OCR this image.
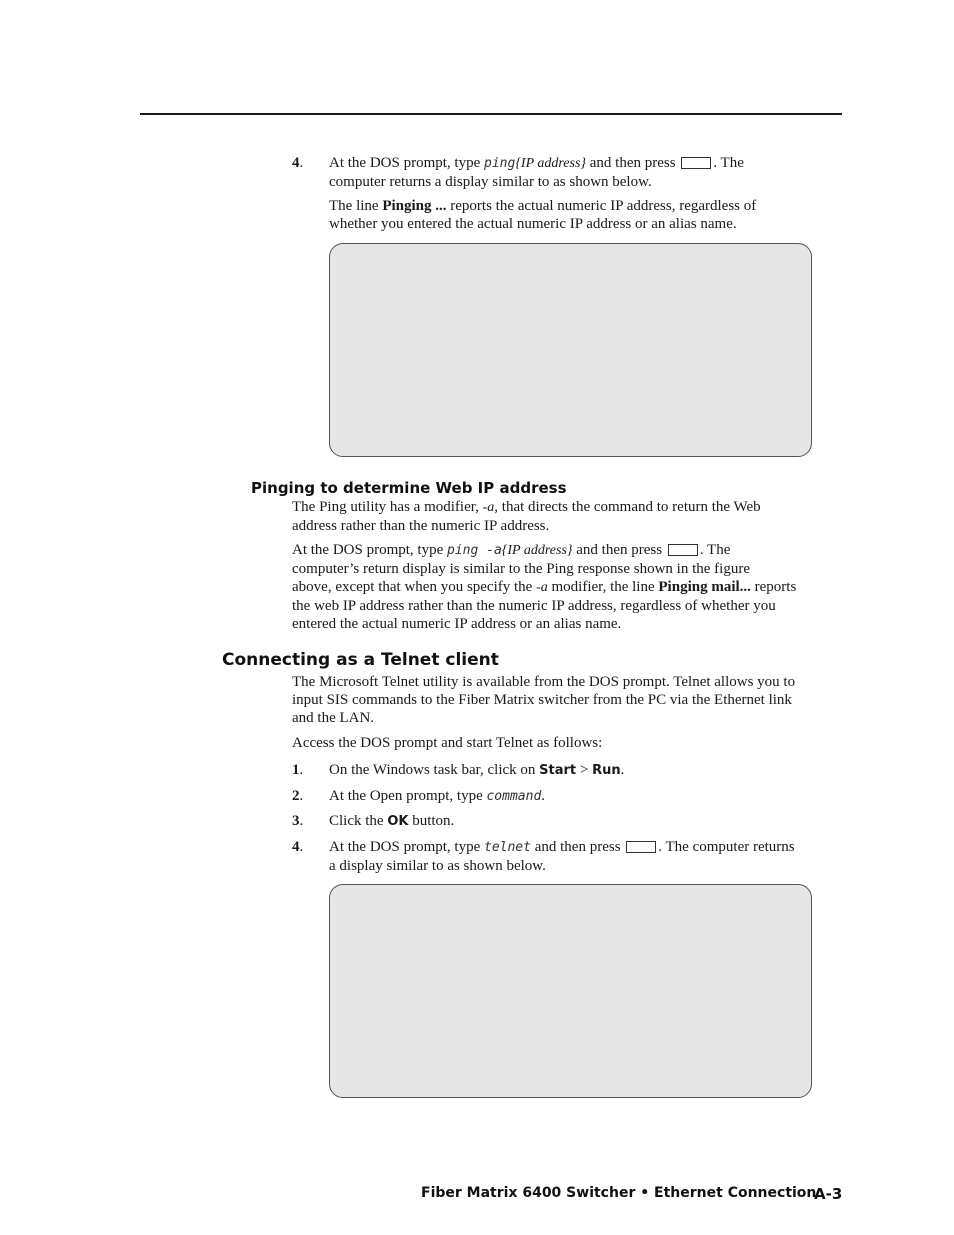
4. At the DOS prompt, type ping{IP address} and then press . The
computer returns a display similar to as shown below.

The line Pinging ... reports the actual numeric IP address, regardless of
whether you entered the actual numeric IP address or an alias name.

Pinging to determine Web IP address

The Ping utility has a modifier, -a, that directs the command to return the Web
address rather than the numeric IP address.

At the DOS prompt, type ping -a{IP address} and then press . The
computer’s return display is similar to the Ping response shown in the figure
above, except that when you specify the -a modifier, the line Pinging mail... reports
the web IP address rather than the numeric IP address, regardless of whether you
entered the actual numeric IP address or an alias name.

Connecting as a Telnet client

The Microsoft Telnet utility is available from the DOS prompt. Telnet allows you to
input SIS commands to the Fiber Matrix switcher from the PC via the Ethernet link
and the LAN.

Access the DOS prompt and start Telnet as follows:

1. On the Windows task bar, click on Start > Run.

2. At the Open prompt, type command.

3. Click the OK button.

4. At the DOS prompt, type telnet and then press . The computer returns
a display similar to as shown below.

Fiber Matrix 6400 Switcher • Ethernet Connection
A-3
